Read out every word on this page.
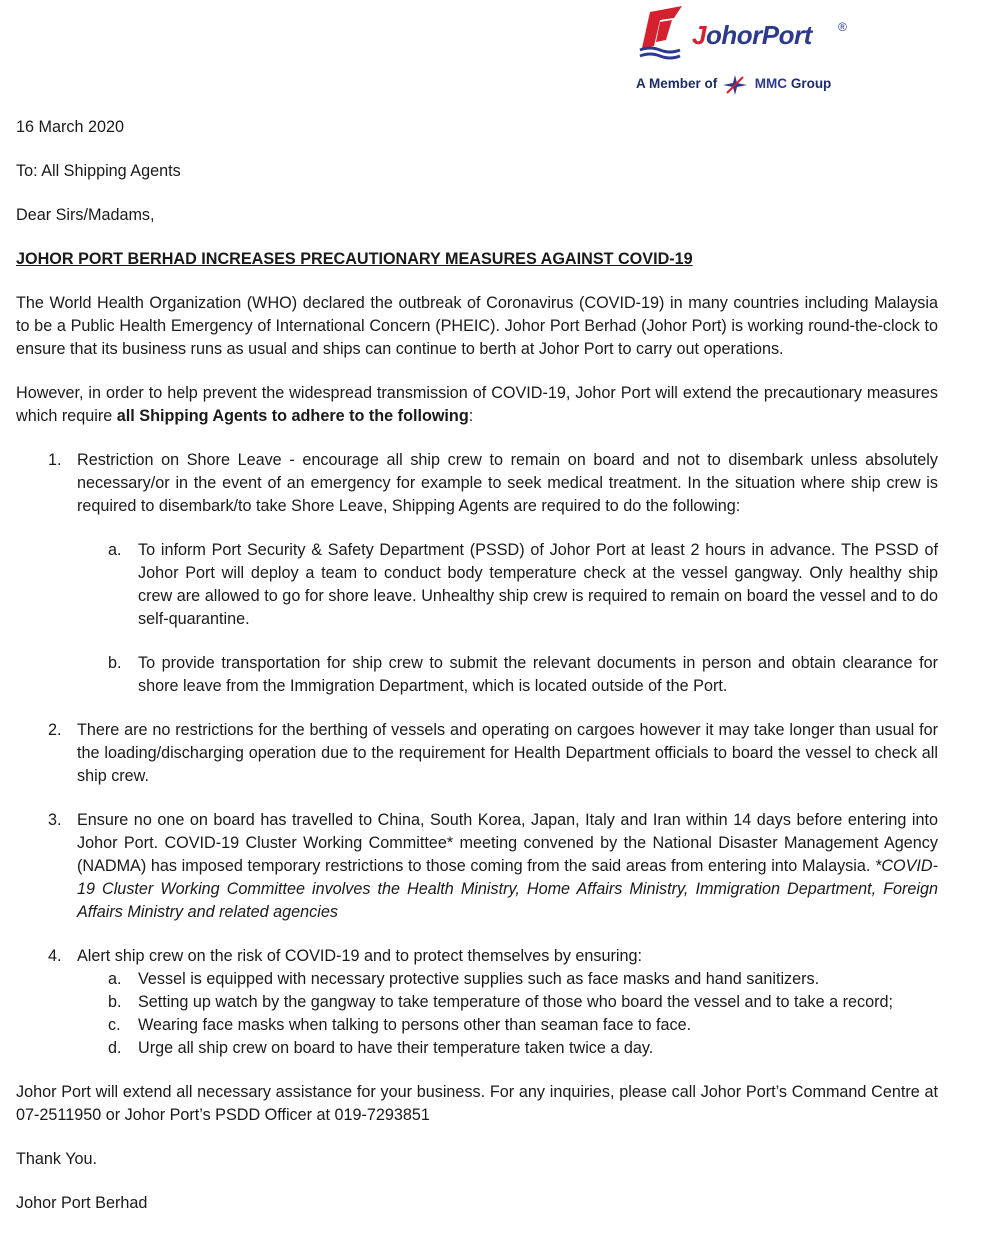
JohorPort ®
A Member of	MMC Group

16 March 2020

To: All Shipping Agents

Dear Sirs/Madams,

JOHOR PORT BERHAD INCREASES PRECAUTIONARY MEASURES AGAINST COVID-19

The World Health Organization (WHO) declared the outbreak of Coronavirus (COVID-19) in many countries including Malaysia to be a Public Health Emergency of International Concern (PHEIC). Johor Port Berhad (Johor Port) is working round-the-clock to ensure that its business runs as usual and ships can continue to berth at Johor Port to carry out operations.

However, in order to help prevent the widespread transmission of COVID-19, Johor Port will extend the precautionary measures which require all Shipping Agents to adhere to the following:

1. Restriction on Shore Leave - encourage all ship crew to remain on board and not to disembark unless absolutely necessary/or in the event of an emergency for example to seek medical treatment. In the situation where ship crew is required to disembark/to take Shore Leave, Shipping Agents are required to do the following:
a. To inform Port Security & Safety Department (PSSD) of Johor Port at least 2 hours in advance. The PSSD of Johor Port will deploy a team to conduct body temperature check at the vessel gangway. Only healthy ship crew are allowed to go for shore leave. Unhealthy ship crew is required to remain on board the vessel and to do self-quarantine.
b. To provide transportation for ship crew to submit the relevant documents in person and obtain clearance for shore leave from the Immigration Department, which is located outside of the Port.
2. There are no restrictions for the berthing of vessels and operating on cargoes however it may take longer than usual for the loading/discharging operation due to the requirement for Health Department officials to board the vessel to check all ship crew.
3. Ensure no one on board has travelled to China, South Korea, Japan, Italy and Iran within 14 days before entering into Johor Port. COVID-19 Cluster Working Committee* meeting convened by the National Disaster Management Agency (NADMA) has imposed temporary restrictions to those coming from the said areas from entering into Malaysia. *COVID-19 Cluster Working Committee involves the Health Ministry, Home Affairs Ministry, Immigration Department, Foreign Affairs Ministry and related agencies
4. Alert ship crew on the risk of COVID-19 and to protect themselves by ensuring:
a. Vessel is equipped with necessary protective supplies such as face masks and hand sanitizers.
b. Setting up watch by the gangway to take temperature of those who board the vessel and to take a record;
c. Wearing face masks when talking to persons other than seaman face to face.
d. Urge all ship crew on board to have their temperature taken twice a day.

Johor Port will extend all necessary assistance for your business. For any inquiries, please call Johor Port’s Command Centre at 07-2511950 or Johor Port’s PSDD Officer at 019-7293851

Thank You.

Johor Port Berhad
